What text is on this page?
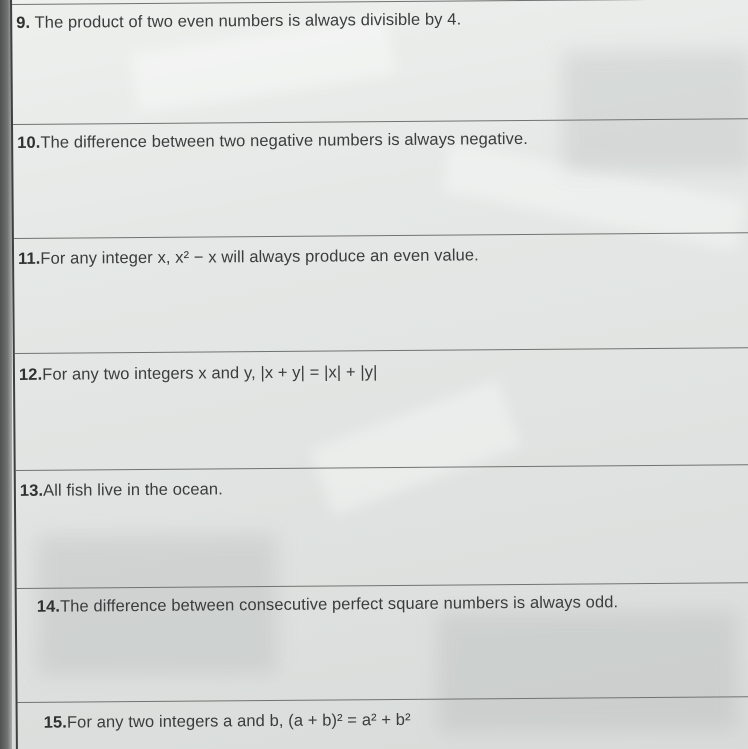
9. The product of two even numbers is always divisible by 4.
10.The difference between two negative numbers is always negative.
11.For any integer x, x² − x will always produce an even value.
12.For any two integers x and y, |x + y| = |x| + |y|
13.All fish live in the ocean.
14.The difference between consecutive perfect square numbers is always odd.
15.For any two integers a and b, (a + b)² = a² + b²
